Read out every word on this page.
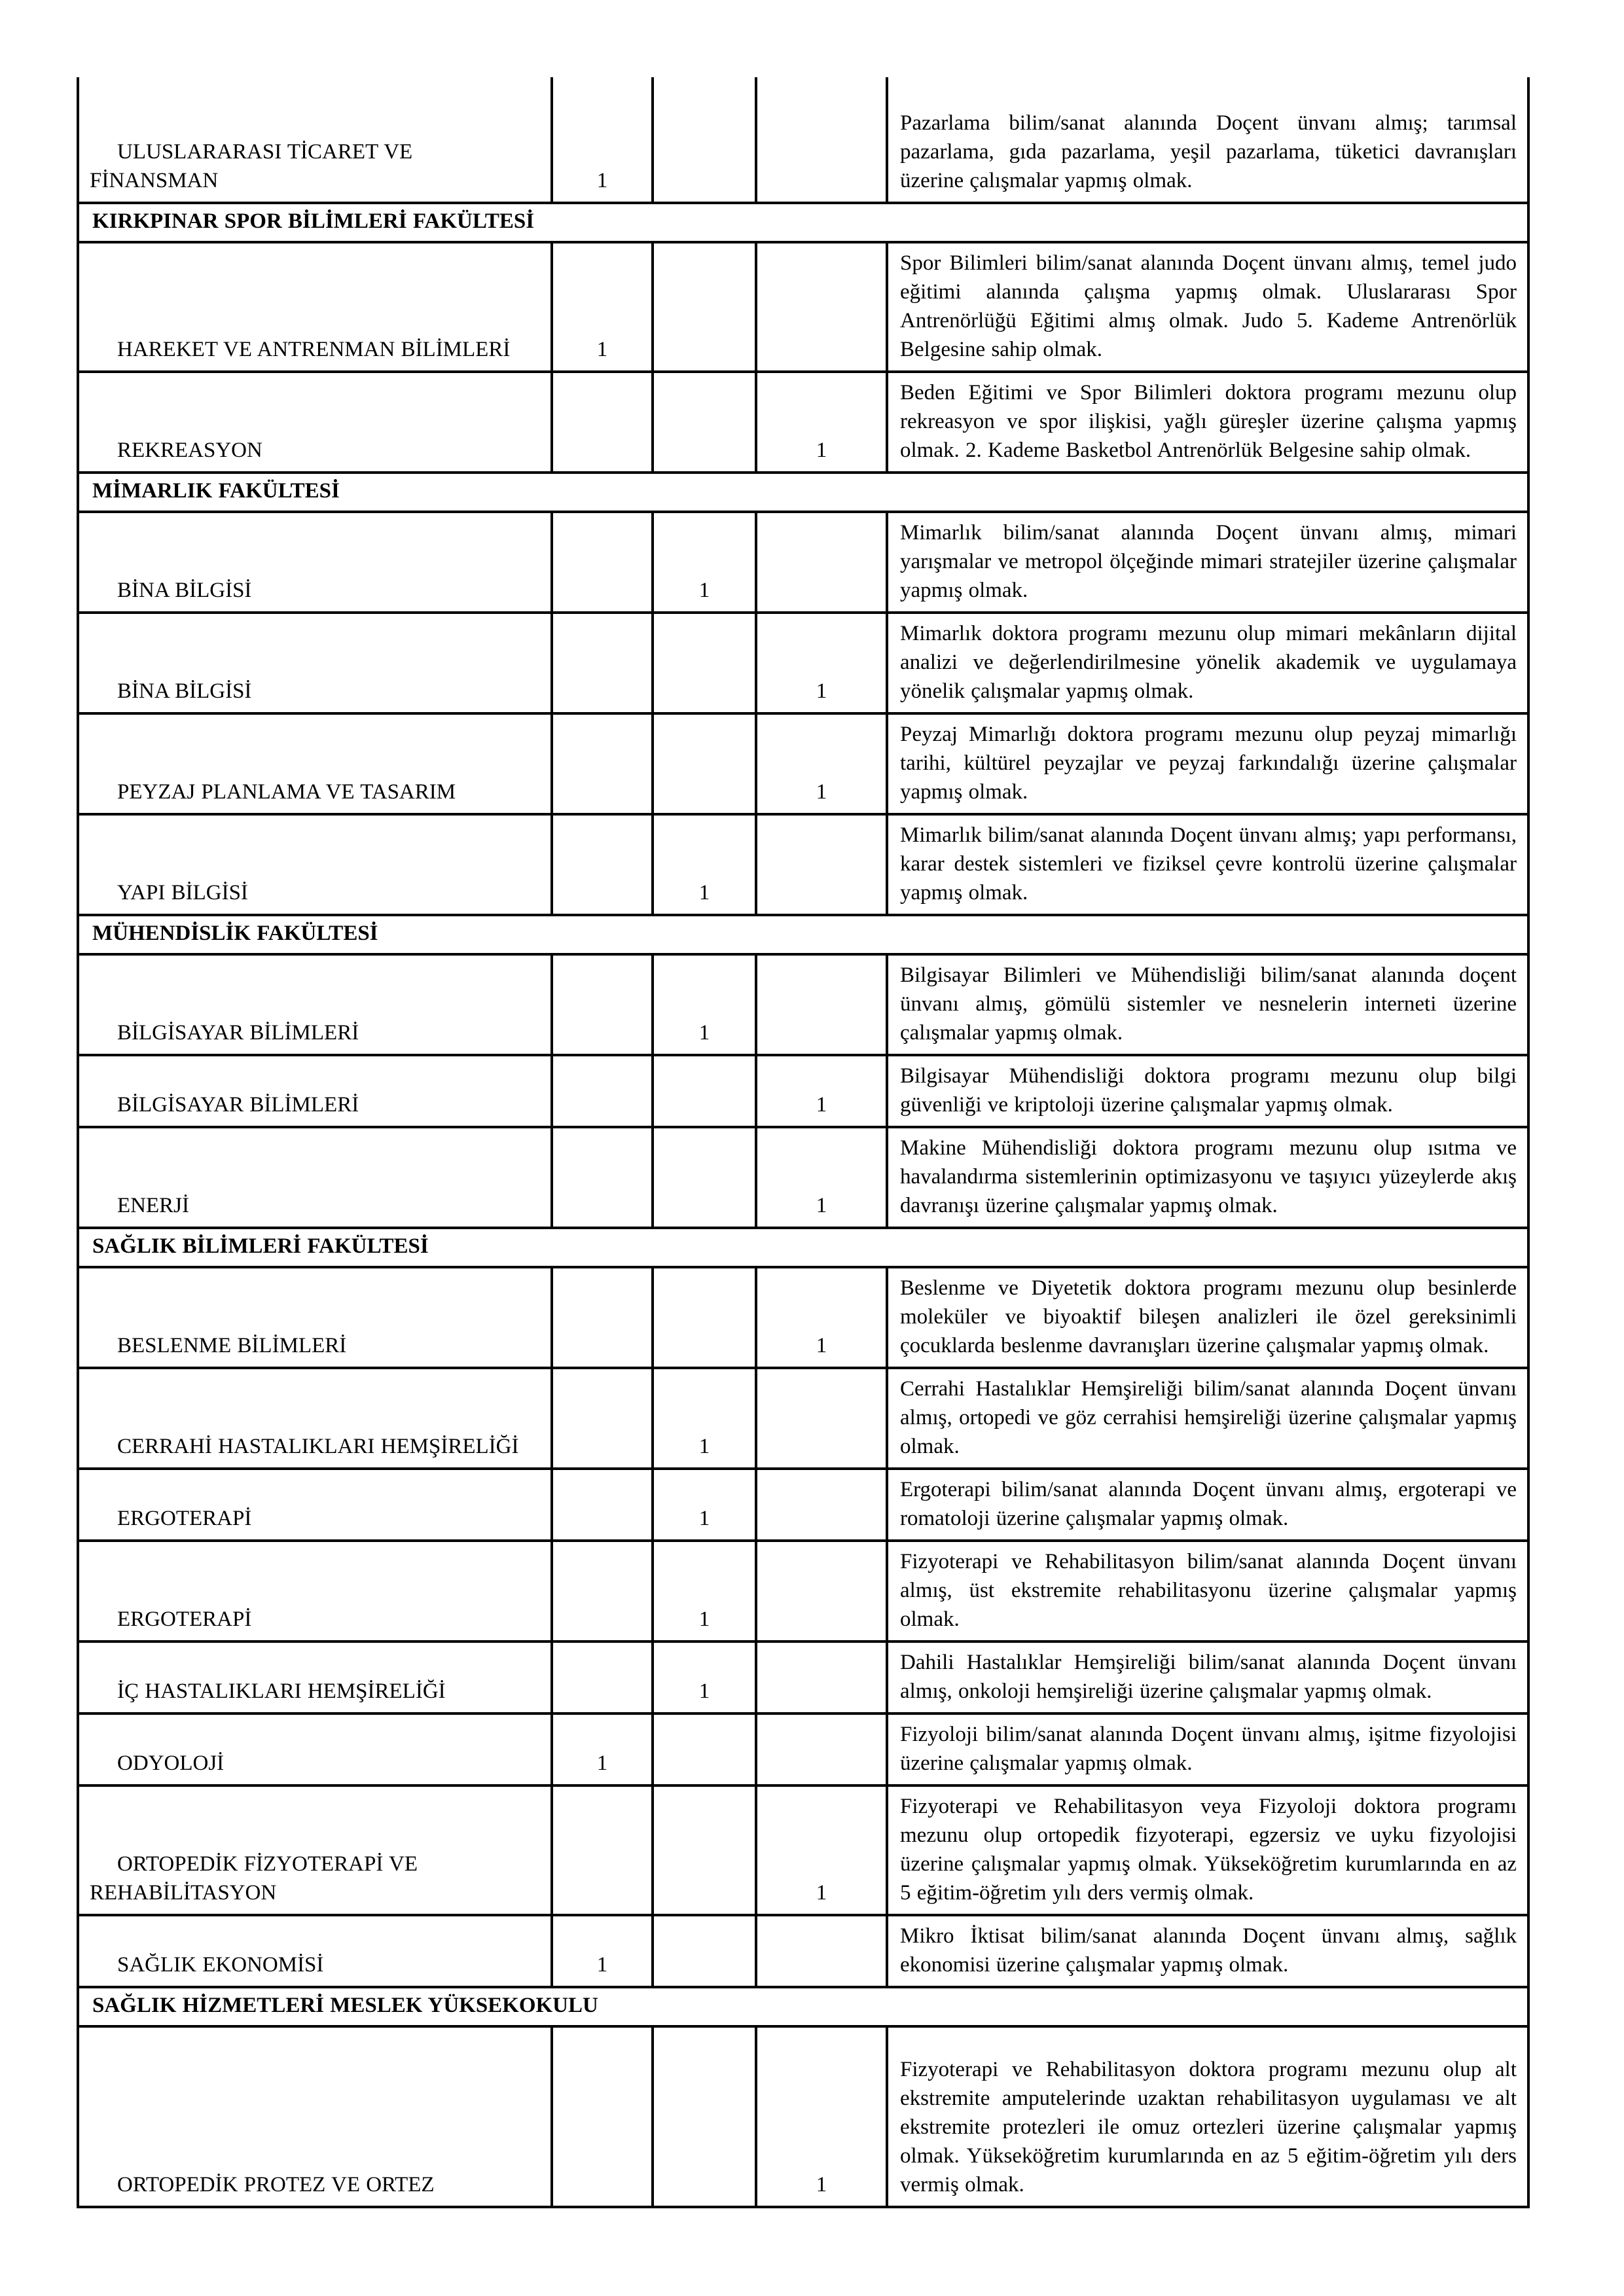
ULUSLARARASI TİCARET VE FİNANSMAN	1			Pazarlama bilim/sanat alanında Doçent ünvanı almış; tarımsal pazarlama, gıda pazarlama, yeşil pazarlama, tüketici davranışları üzerine çalışmalar yapmış olmak.
KIRKPINAR SPOR BİLİMLERİ FAKÜLTESİ				
HAREKET VE ANTRENMAN BİLİMLERİ	1			Spor Bilimleri bilim/sanat alanında Doçent ünvanı almış, temel judo eğitimi alanında çalışma yapmış olmak. Uluslararası Spor Antrenörlüğü Eğitimi almış olmak. Judo 5. Kademe Antrenörlük Belgesine sahip olmak.
REKREASYON			1	Beden Eğitimi ve Spor Bilimleri doktora programı mezunu olup rekreasyon ve spor ilişkisi, yağlı güreşler üzerine çalışma yapmış olmak. 2. Kademe Basketbol Antrenörlük Belgesine sahip olmak.
MİMARLIK FAKÜLTESİ				
BİNA BİLGİSİ		1		Mimarlık bilim/sanat alanında Doçent ünvanı almış, mimari yarışmalar ve metropol ölçeğinde mimari stratejiler üzerine çalışmalar yapmış olmak.
BİNA BİLGİSİ			1	Mimarlık doktora programı mezunu olup mimari mekânların dijital analizi ve değerlendirilmesine yönelik akademik ve uygulamaya yönelik çalışmalar yapmış olmak.
PEYZAJ PLANLAMA VE TASARIM			1	Peyzaj Mimarlığı doktora programı mezunu olup peyzaj mimarlığı tarihi, kültürel peyzajlar ve peyzaj farkındalığı üzerine çalışmalar yapmış olmak.
YAPI BİLGİSİ		1		Mimarlık bilim/sanat alanında Doçent ünvanı almış; yapı performansı, karar destek sistemleri ve fiziksel çevre kontrolü üzerine çalışmalar yapmış olmak.
MÜHENDİSLİK FAKÜLTESİ				
BİLGİSAYAR BİLİMLERİ		1		Bilgisayar Bilimleri ve Mühendisliği bilim/sanat alanında doçent ünvanı almış, gömülü sistemler ve nesnelerin interneti üzerine çalışmalar yapmış olmak.
BİLGİSAYAR BİLİMLERİ			1	Bilgisayar Mühendisliği doktora programı mezunu olup bilgi güvenliği ve kriptoloji üzerine çalışmalar yapmış olmak.
ENERJİ			1	Makine Mühendisliği doktora programı mezunu olup ısıtma ve havalandırma sistemlerinin optimizasyonu ve taşıyıcı yüzeylerde akış davranışı üzerine çalışmalar yapmış olmak.
SAĞLIK BİLİMLERİ FAKÜLTESİ				
BESLENME BİLİMLERİ			1	Beslenme ve Diyetetik doktora programı mezunu olup besinlerde moleküler ve biyoaktif bileşen analizleri ile özel gereksinimli çocuklarda beslenme davranışları üzerine çalışmalar yapmış olmak.
CERRAHİ HASTALIKLARI HEMŞİRELİĞİ		1		Cerrahi Hastalıklar Hemşireliği bilim/sanat alanında Doçent ünvanı almış, ortopedi ve göz cerrahisi hemşireliği üzerine çalışmalar yapmış olmak.
ERGOTERAPİ		1		Ergoterapi bilim/sanat alanında Doçent ünvanı almış, ergoterapi ve romatoloji üzerine çalışmalar yapmış olmak.
ERGOTERAPİ		1		Fizyoterapi ve Rehabilitasyon bilim/sanat alanında Doçent ünvanı almış, üst ekstremite rehabilitasyonu üzerine çalışmalar yapmış olmak.
İÇ HASTALIKLARI HEMŞİRELİĞİ		1		Dahili Hastalıklar Hemşireliği bilim/sanat alanında Doçent ünvanı almış, onkoloji hemşireliği üzerine çalışmalar yapmış olmak.
ODYOLOJİ	1			Fizyoloji bilim/sanat alanında Doçent ünvanı almış, işitme fizyolojisi üzerine çalışmalar yapmış olmak.
ORTOPEDİK FİZYOTERAPİ VE REHABİLİTASYON			1	Fizyoterapi ve Rehabilitasyon veya Fizyoloji doktora programı mezunu olup ortopedik fizyoterapi, egzersiz ve uyku fizyolojisi üzerine çalışmalar yapmış olmak. Yükseköğretim kurumlarında en az 5 eğitim-öğretim yılı ders vermiş olmak.
SAĞLIK EKONOMİSİ	1			Mikro İktisat bilim/sanat alanında Doçent ünvanı almış, sağlık ekonomisi üzerine çalışmalar yapmış olmak.
SAĞLIK HİZMETLERİ MESLEK YÜKSEKOKULU				
ORTOPEDİK PROTEZ VE ORTEZ			1	Fizyoterapi ve Rehabilitasyon doktora programı mezunu olup alt ekstremite amputelerinde uzaktan rehabilitasyon uygulaması ve alt ekstremite protezleri ile omuz ortezleri üzerine çalışmalar yapmış olmak. Yükseköğretim kurumlarında en az 5 eğitim-öğretim yılı ders vermiş olmak.
